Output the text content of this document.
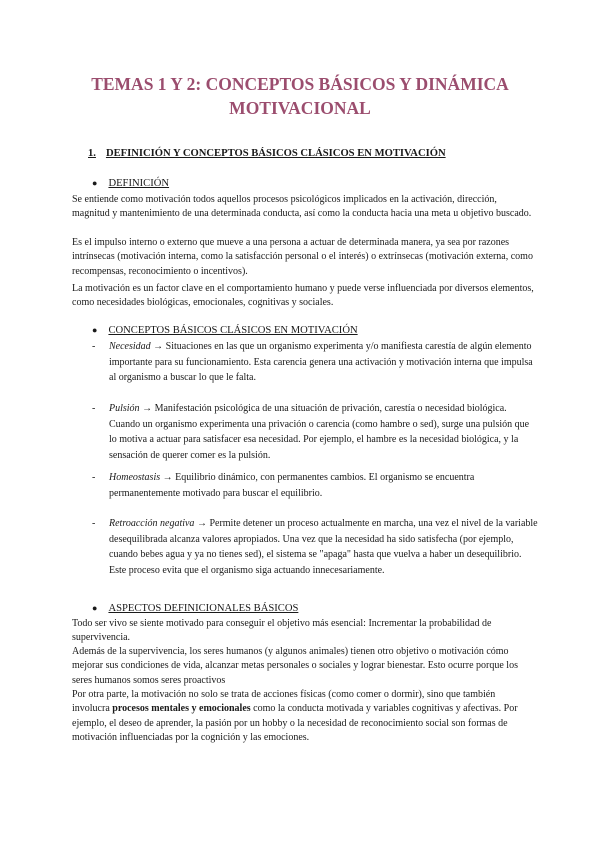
TEMAS 1 Y 2: CONCEPTOS BÁSICOS Y DINÁMICA MOTIVACIONAL
1. DEFINICIÓN Y CONCEPTOS BÁSICOS CLÁSICOS EN MOTIVACIÓN
● DEFINICIÓN

Se entiende como motivación todos aquellos procesos psicológicos implicados en la activación, dirección, magnitud y mantenimiento de una determinada conducta, así como la conducta hacia una meta u objetivo buscado.

Es el impulso interno o externo que mueve a una persona a actuar de determinada manera, ya sea por razones intrínsecas (motivación interna, como la satisfacción personal o el interés) o extrínsecas (motivación externa, como recompensas, reconocimiento o incentivos).

La motivación es un factor clave en el comportamiento humano y puede verse influenciada por diversos elementos, como necesidades biológicas, emocionales, cognitivas y sociales.

● CONCEPTOS BÁSICOS CLÁSICOS EN MOTIVACIÓN
-	Necesidad → Situaciones en las que un organismo experimenta y/o manifiesta carestía de algún elemento importante para su funcionamiento. Esta carencia genera una activación y motivación interna que impulsa al organismo a buscar lo que le falta.
-	Pulsión → Manifestación psicológica de una situación de privación, carestía o necesidad biológica. Cuando un organismo experimenta una privación o carencia (como hambre o sed), surge una pulsión que lo motiva a actuar para satisfacer esa necesidad. Por ejemplo, el hambre es la necesidad biológica, y la sensación de querer comer es la pulsión.
-	Homeostasis → Equilibrio dinámico, con permanentes cambios. El organismo se encuentra permanentemente motivado para buscar el equilibrio.
-	Retroacción negativa → Permite detener un proceso actualmente en marcha, una vez el nivel de la variable desequilibrada alcanza valores apropiados. Una vez que la necesidad ha sido satisfecha (por ejemplo, cuando bebes agua y ya no tienes sed), el sistema se "apaga" hasta que vuelva a haber un desequilibrio. Este proceso evita que el organismo siga actuando innecesariamente.
● ASPECTOS DEFINICIONALES BÁSICOS

Todo ser vivo se siente motivado para conseguir el objetivo más esencial: Incrementar la probabilidad de supervivencia.

Además de la supervivencia, los seres humanos (y algunos animales) tienen otro objetivo o motivación cómo mejorar sus condiciones de vida, alcanzar metas personales o sociales y lograr bienestar. Esto ocurre porque los seres humanos somos seres proactivos

Por otra parte, la motivación no solo se trata de acciones físicas (como comer o dormir), sino que también involucra procesos mentales y emocionales como la conducta motivada y variables cognitivas y afectivas. Por ejemplo, el deseo de aprender, la pasión por un hobby o la necesidad de reconocimiento social son formas de motivación influenciadas por la cognición y las emociones.
